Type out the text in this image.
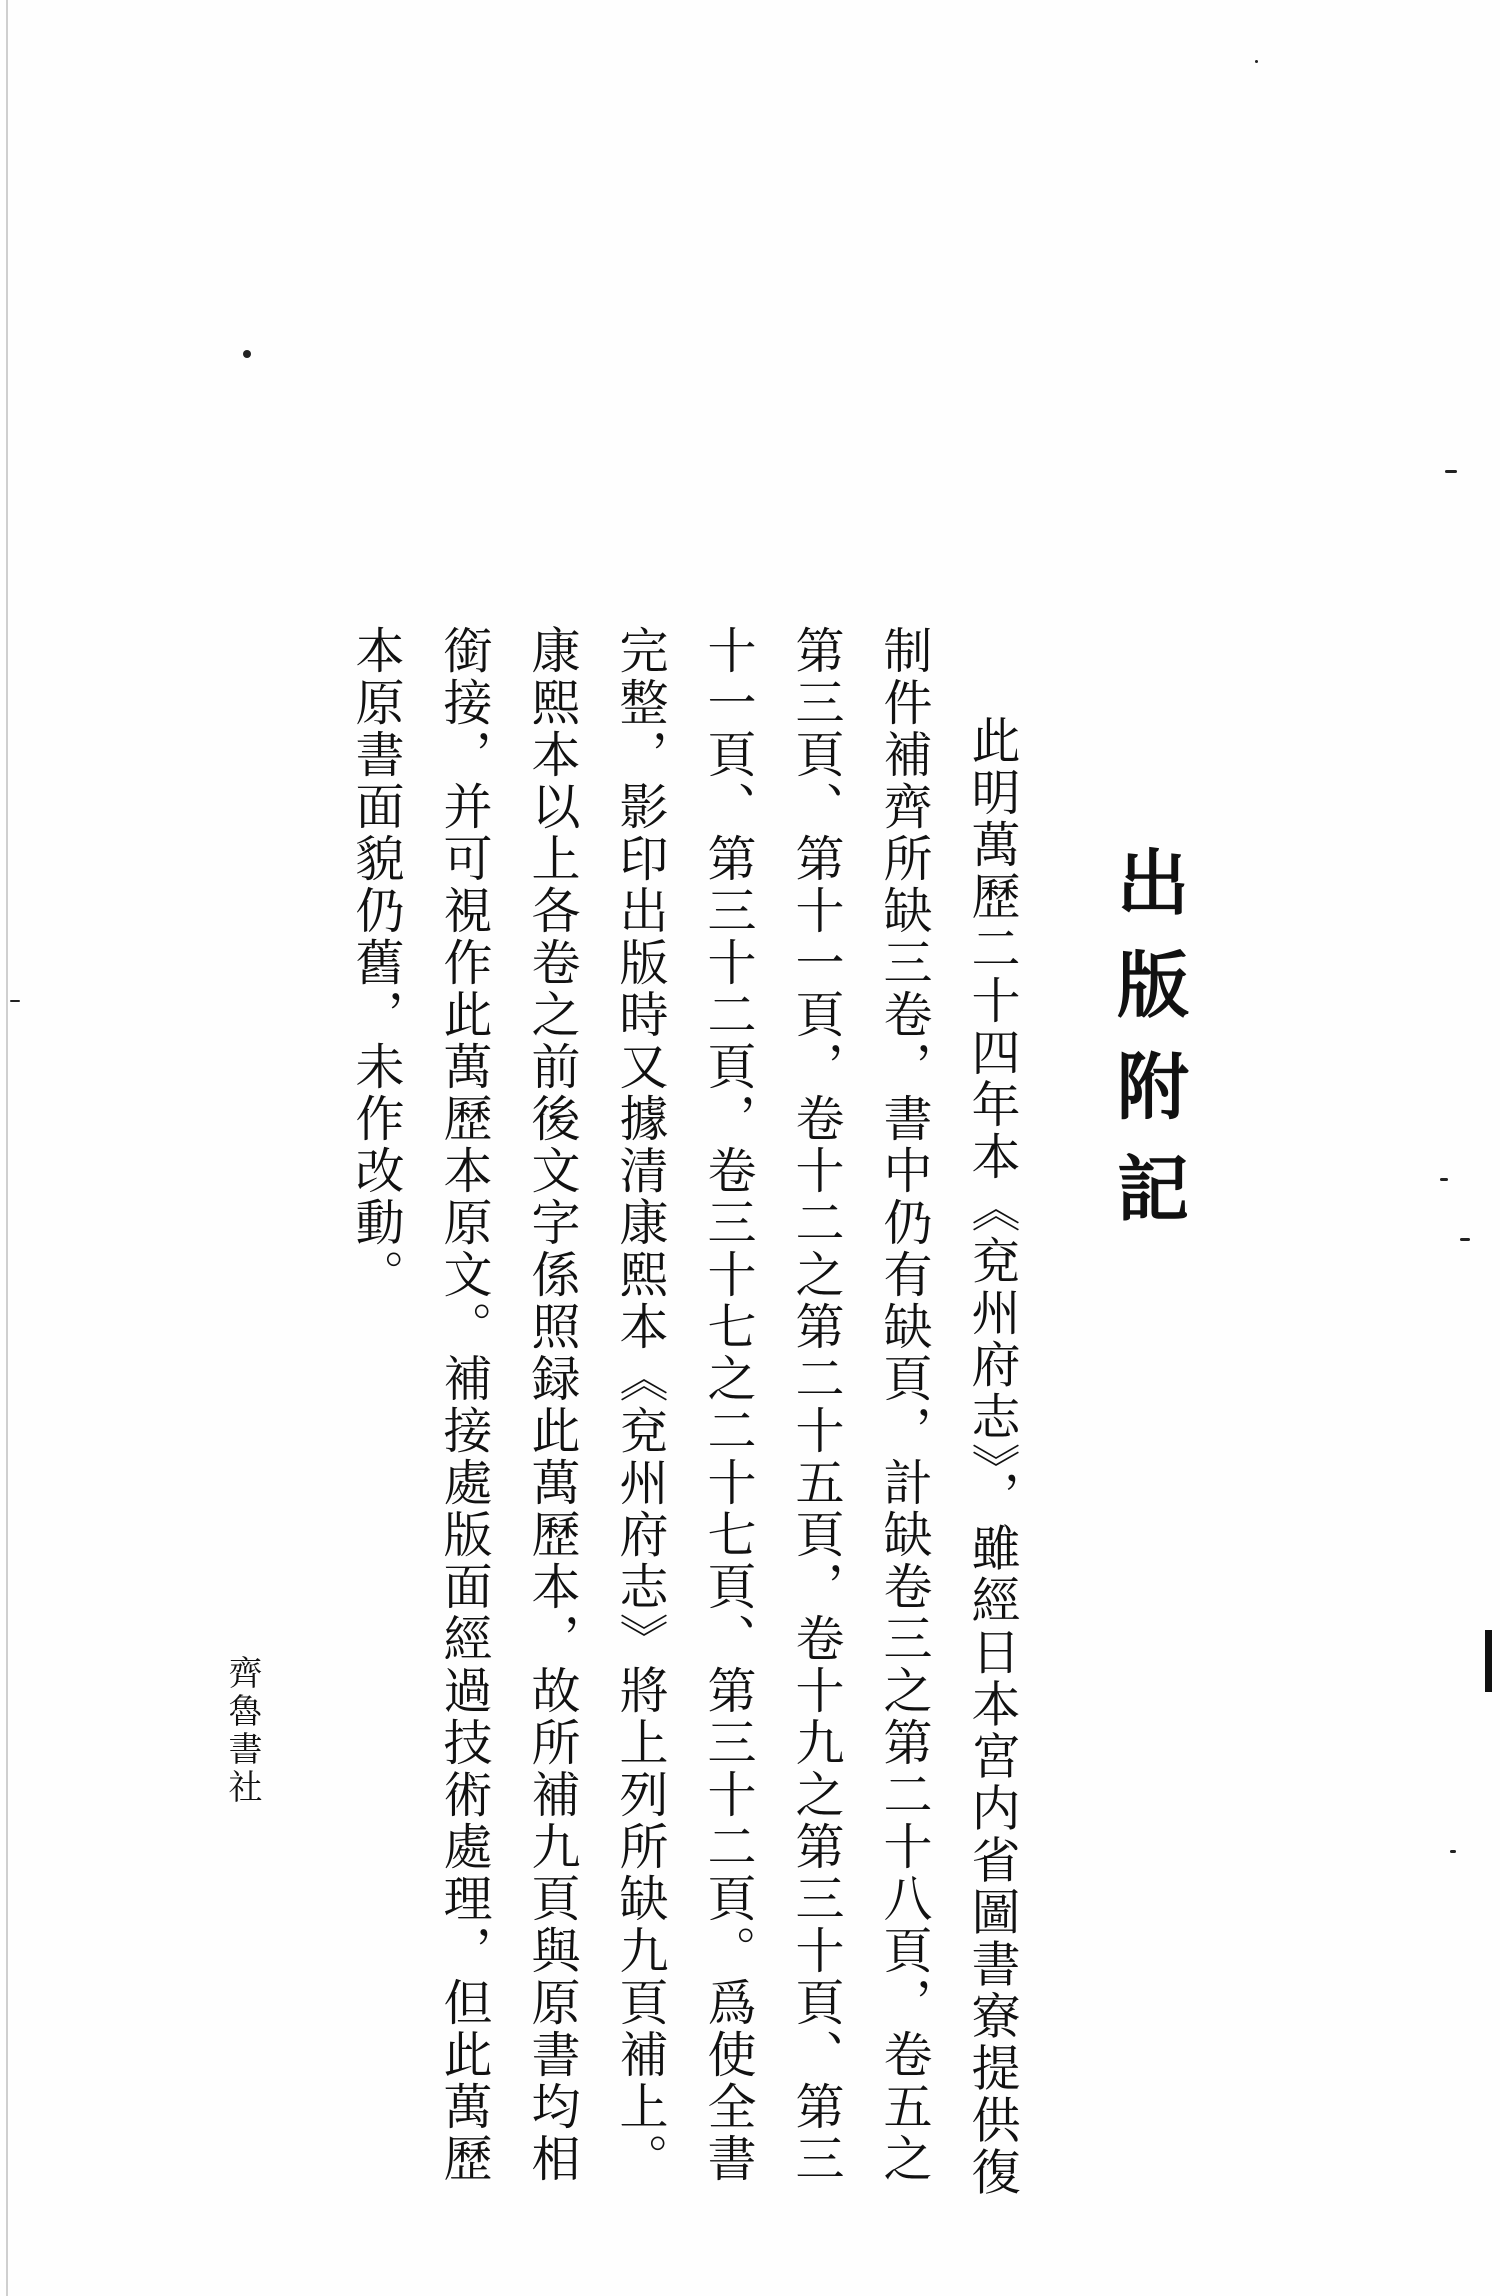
出版附記
此明萬歷二十四年本《兗州府志》，雖經日本宮内省圖書寮提供復
制件補齊所缺三卷，書中仍有缺頁，計缺卷三之第二十八頁，卷五之
第三頁、第十一頁，卷十二之第二十五頁，卷十九之第三十頁、第三
十一頁、第三十二頁，卷三十七之二十七頁、第三十二頁。爲使全書
完整，影印出版時又據清康熙本《兗州府志》將上列所缺九頁補上。
康熙本以上各卷之前後文字係照録此萬歷本，故所補九頁與原書均相
銜接，并可視作此萬歷本原文。補接處版面經過技術處理，但此萬歷
本原書面貌仍舊，未作改動。
齊魯書社
